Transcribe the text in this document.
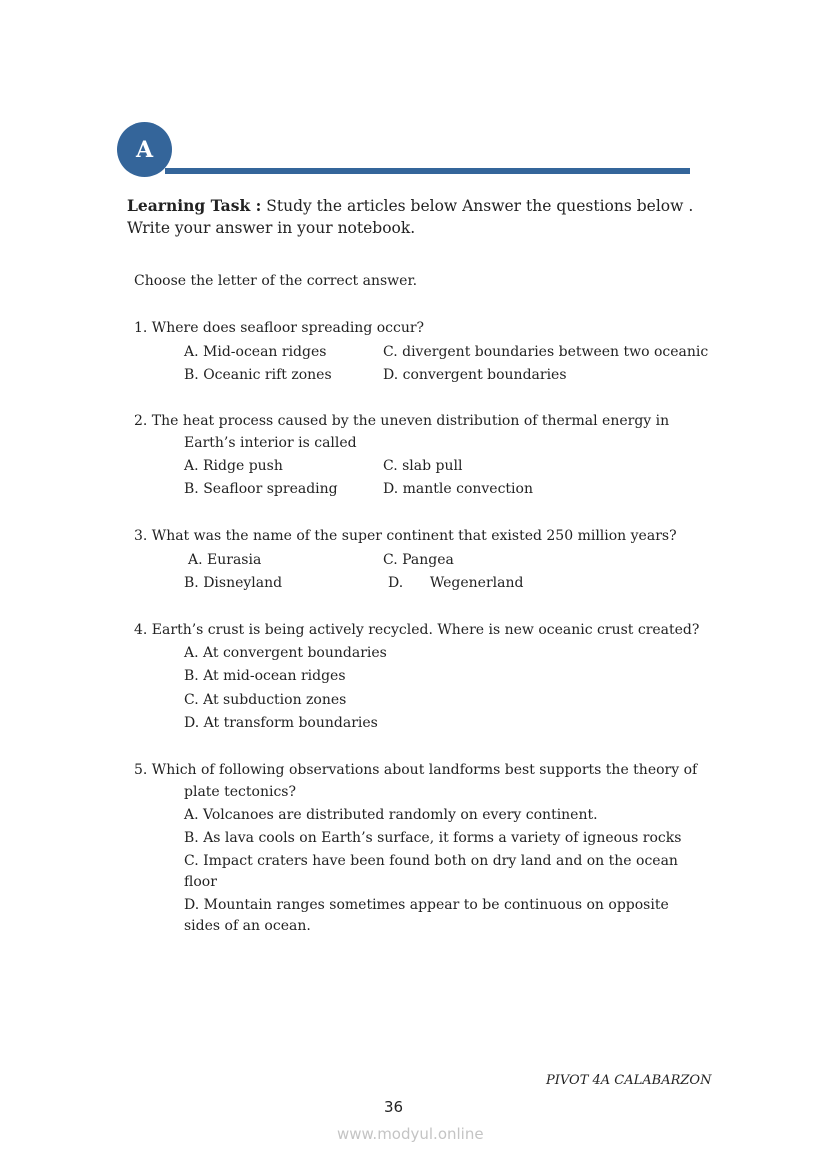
A
Learning Task : Study the articles below Answer the questions below .
Write your answer in your notebook.
Choose the letter of the correct answer.
1. Where does seafloor spreading occur?
A. Mid-ocean ridges	C. divergent boundaries between two oceanic
B. Oceanic rift zones	D. convergent boundaries
2. The heat process caused by the uneven distribution of thermal energy in
Earth’s interior is called
A. Ridge push	C. slab pull
B. Seafloor spreading	D. mantle convection
3. What was the name of the super continent that existed 250 million years?
A. Eurasia	C. Pangea
B. Disneyland	D.      Wegenerland
4. Earth’s crust is being actively recycled. Where is new oceanic crust created?
A. At convergent boundaries
B. At mid-ocean ridges
C. At subduction zones
D. At transform boundaries
5. Which of following observations about landforms best supports the theory of
plate tectonics?
A. Volcanoes are distributed randomly on every continent.
B. As lava cools on Earth’s surface, it forms a variety of igneous rocks
C. Impact craters have been found both on dry land and on the ocean
floor
D. Mountain ranges sometimes appear to be continuous on opposite
sides of an ocean.
PIVOT 4A CALABARZON
36
www.modyul.online
